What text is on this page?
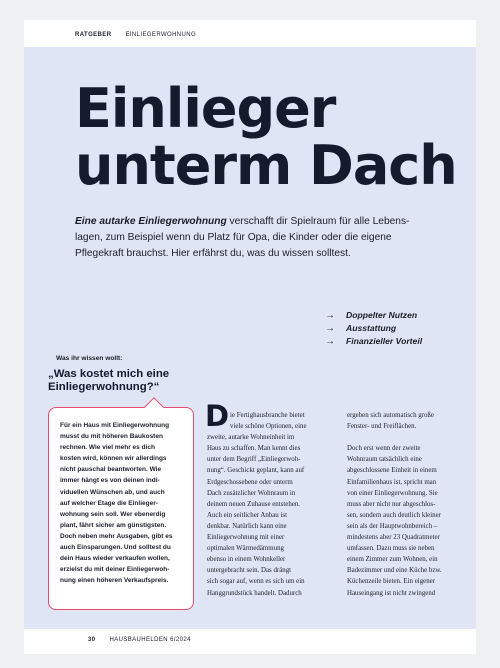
RATGEBER EINLIEGERWOHNUNG
Einlieger
unterm Dach
Eine autarke Einliegerwohnung verschafft dir Spielraum für alle Lebenslagen, zum Beispiel wenn du Platz für Opa, die Kinder oder die eigene Pflegekraft brauchst. Hier erfährst du, was du wissen solltest.
→ Doppelter Nutzen
→ Ausstattung
→ Finanzieller Vorteil
Was ihr wissen wollt:
„Was kostet mich eine Einliegerwohnung?“
Für ein Haus mit Einliegerwohnung
musst du mit höheren Baukosten
rechnen. Wie viel mehr es dich
kosten wird, können wir allerdings
nicht pauschal beantworten. Wie
immer hängt es von deinen indi-
viduellen Wünschen ab, und auch
auf welcher Etage die Einlieger-
wohnung sein soll. Wer ebenerdig
plant, fährt sicher am günstigsten.
Doch neben mehr Ausgaben, gibt es
auch Einsparungen. Und solltest du
dein Haus wieder verkaufen wollen,
erzielst du mit deiner Einliegerwoh-
nung einen höheren Verkaufspreis.
D ie Fertighausbranche bietet
viele schöne Optionen, eine
zweite, autarke Wohneinheit im
Haus zu schaffen. Man kennt dies
unter dem Begriff „Einliegerwoh-
nung“. Geschickt geplant, kann auf
Erdgeschossebene oder unterm
Dach zusätzlicher Wohnraum in
deinem neuen Zuhause entstehen.
Auch ein seitlicher Anbau ist
denkbar. Natürlich kann eine
Einliegerwohnung mit einer
optimalen Wärmedämmung
ebenso in einem Wohnkeller
untergebracht sein. Das drängt
sich sogar auf, wenn es sich um ein
Hanggrundstück handelt. Dadurch
ergeben sich automatisch große
Fenster- und Freiflächen.

Doch erst wenn der zweite
Wohnraum tatsächlich eine
abgeschlossene Einheit in einem
Einfamilienhaus ist, spricht man
von einer Einliegerwohnung. Sie
muss aber nicht nur abgeschlos-
sen, sondern auch deutlich kleiner
sein als der Hauptwohnbereich –
mindestens aber 23 Quadratmeter
umfassen. Dazu muss sie neben
einem Zimmer zum Wohnen, ein
Badezimmer und eine Küche bzw.
Küchenzeile bieten. Ein eigener
Hauseingang ist nicht zwingend
30 HAUSBAUHELDEN 6/2024
